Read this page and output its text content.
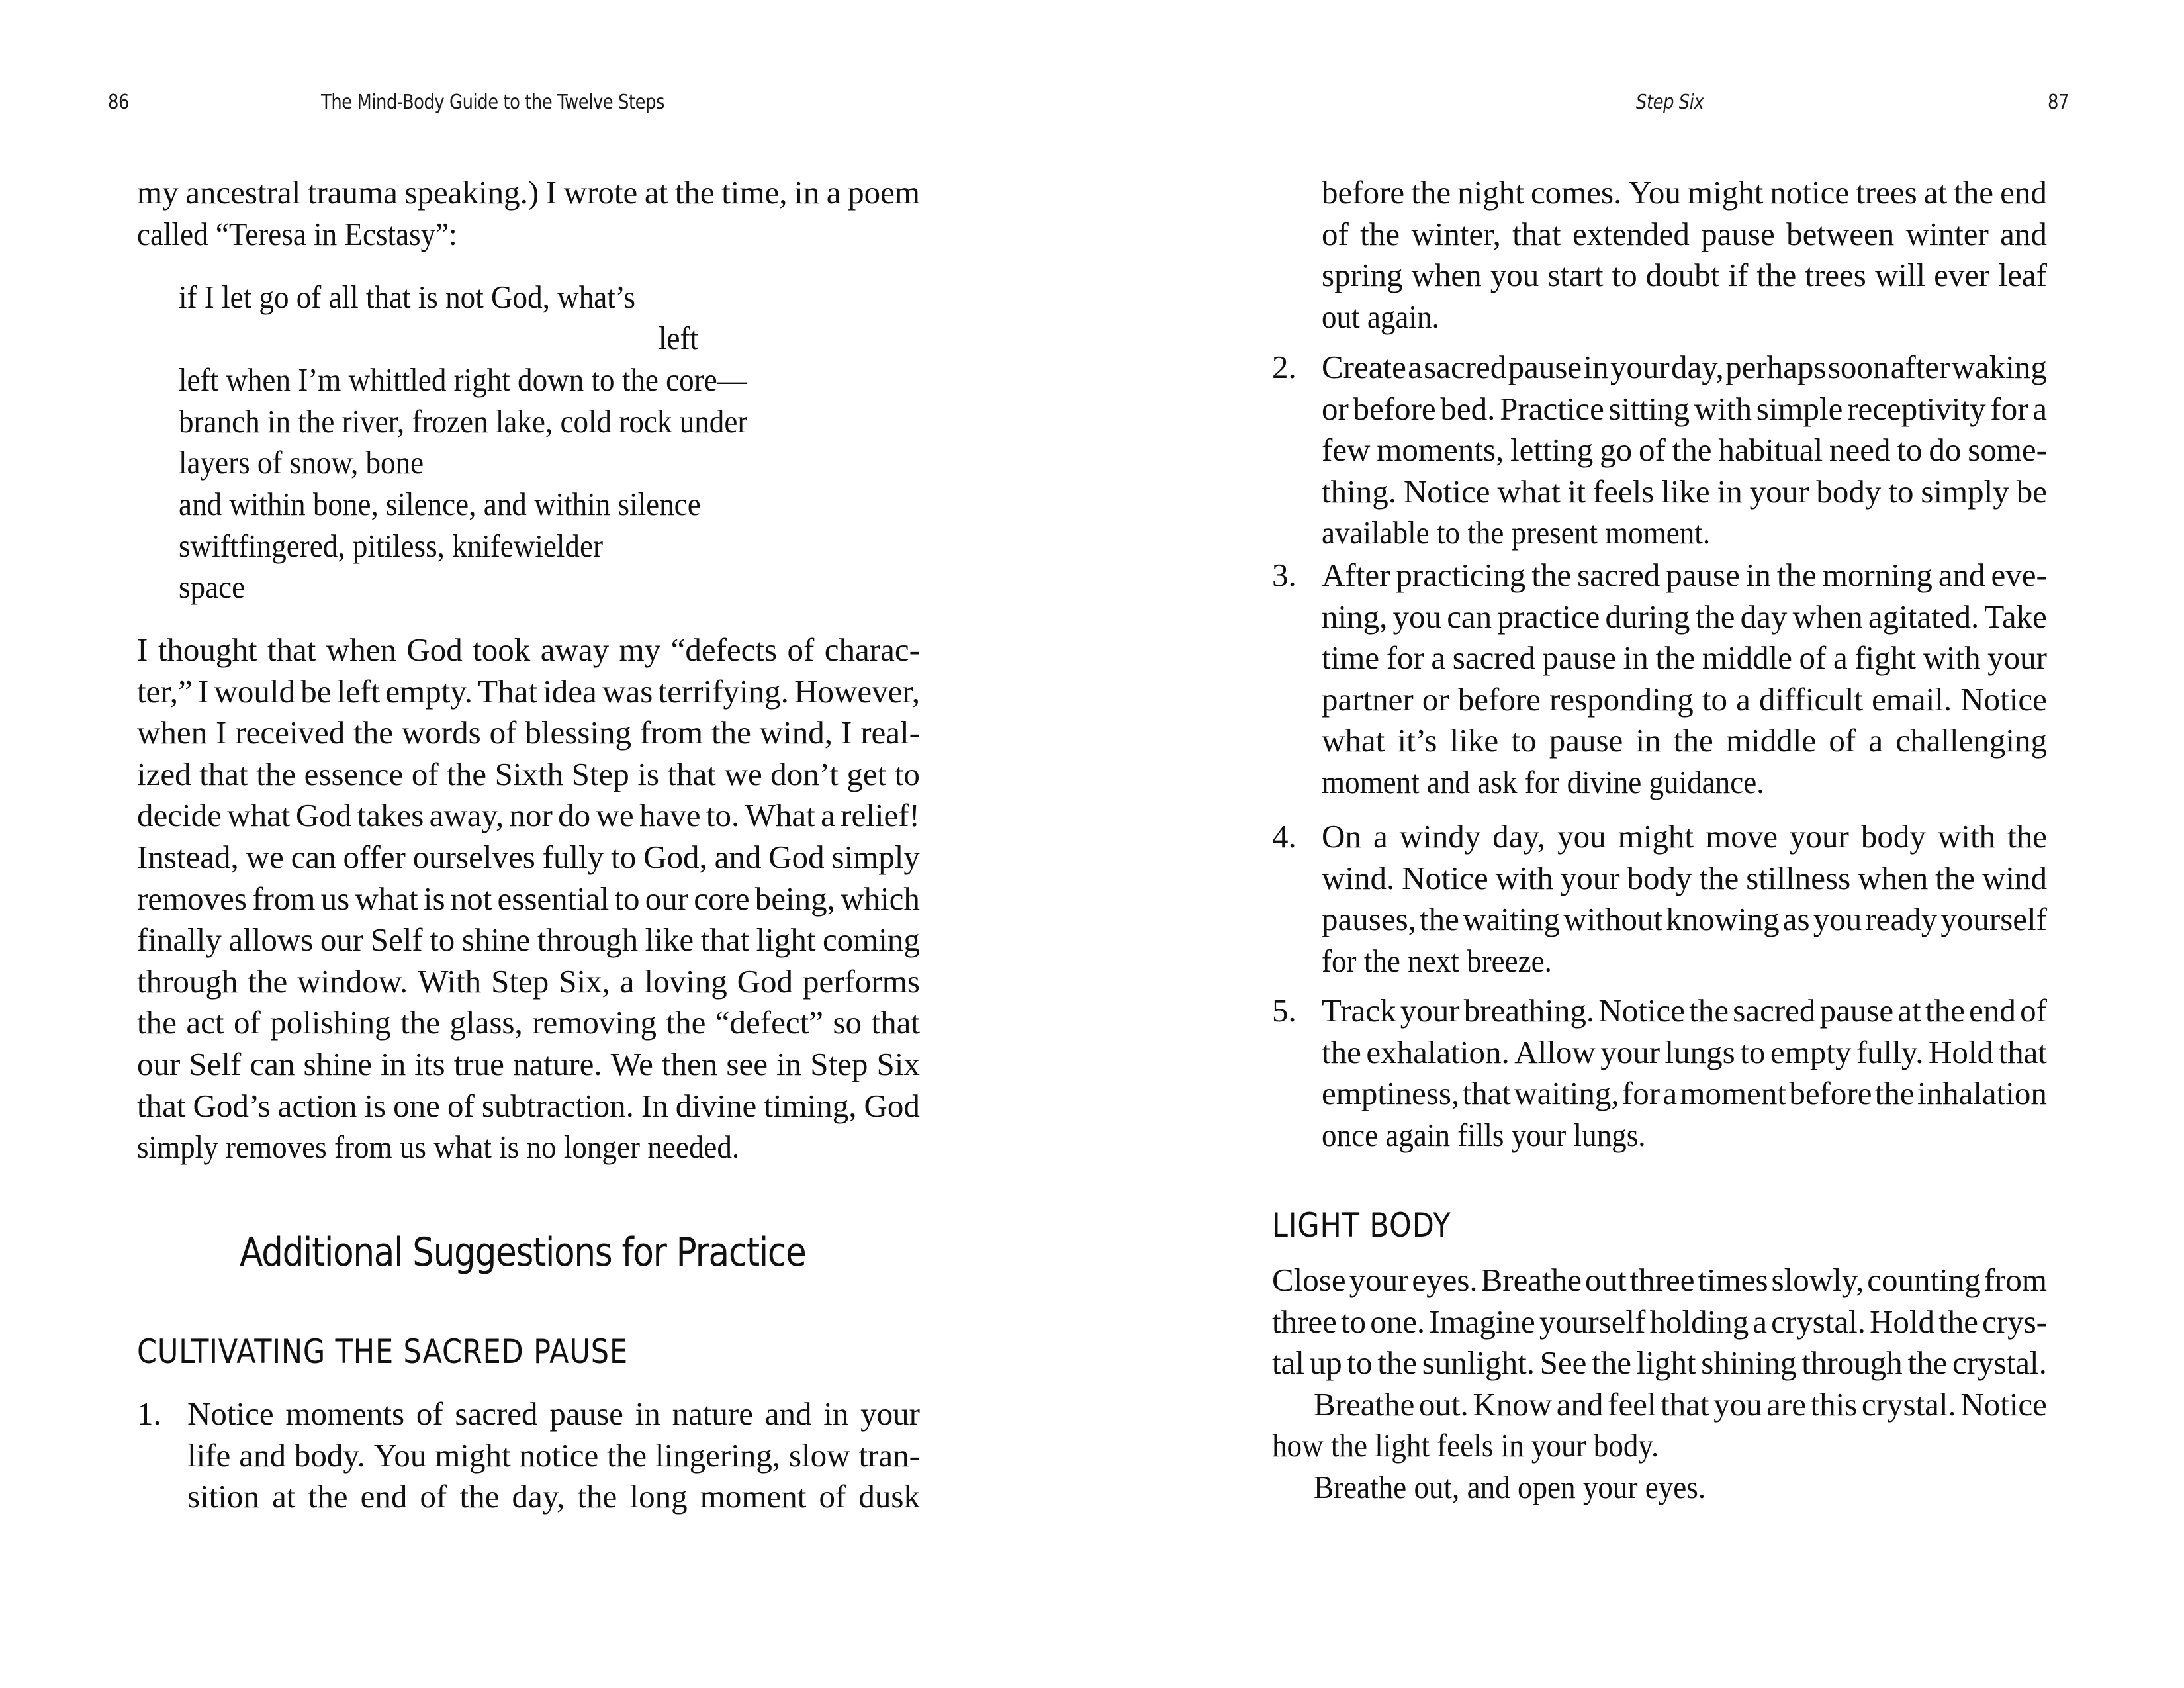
86	The Mind-Body Guide to the Twelve Steps
my ancestral trauma speaking.) I wrote at the time, in a poem
called “Teresa in Ecstasy”:
if I let go of all that is not God, what’s
left
left when I’m whittled right down to the core—
branch in the river, frozen lake, cold rock under
layers of snow, bone
and within bone, silence, and within silence
swiftfingered, pitiless, knifewielder
space
I thought that when God took away my “defects of charac-
ter,” I would be left empty. That idea was terrifying. However,
when I received the words of blessing from the wind, I real-
ized that the essence of the Sixth Step is that we don’t get to
decide what God takes away, nor do we have to. What a relief!
Instead, we can offer ourselves fully to God, and God simply
removes from us what is not essential to our core being, which
finally allows our Self to shine through like that light coming
through the window. With Step Six, a loving God performs
the act of polishing the glass, removing the “defect” so that
our Self can shine in its true nature. We then see in Step Six
that God’s action is one of subtraction. In divine timing, God
simply removes from us what is no longer needed.
Additional Suggestions for Practice
CULTIVATING THE SACRED PAUSE
1. Notice moments of sacred pause in nature and in your
life and body. You might notice the lingering, slow tran-
sition at the end of the day, the long moment of dusk
Step Six	87
before the night comes. You might notice trees at the end
of the winter, that extended pause between winter and
spring when you start to doubt if the trees will ever leaf
out again.
2. Create a sacred pause in your day, perhaps soon after waking
or before bed. Practice sitting with simple receptivity for a
few moments, letting go of the habitual need to do some-
thing. Notice what it feels like in your body to simply be
available to the present moment.
3. After practicing the sacred pause in the morning and eve-
ning, you can practice during the day when agitated. Take
time for a sacred pause in the middle of a fight with your
partner or before responding to a difficult email. Notice
what it’s like to pause in the middle of a challenging
moment and ask for divine guidance.
4. On a windy day, you might move your body with the
wind. Notice with your body the stillness when the wind
pauses, the waiting without knowing as you ready yourself
for the next breeze.
5. Track your breathing. Notice the sacred pause at the end of
the exhalation. Allow your lungs to empty fully. Hold that
emptiness, that waiting, for a moment before the inhalation
once again fills your lungs.
LIGHT BODY
Close your eyes. Breathe out three times slowly, counting from
three to one. Imagine yourself holding a crystal. Hold the crys-
tal up to the sunlight. See the light shining through the crystal.
Breathe out. Know and feel that you are this crystal. Notice
how the light feels in your body.
Breathe out, and open your eyes.
